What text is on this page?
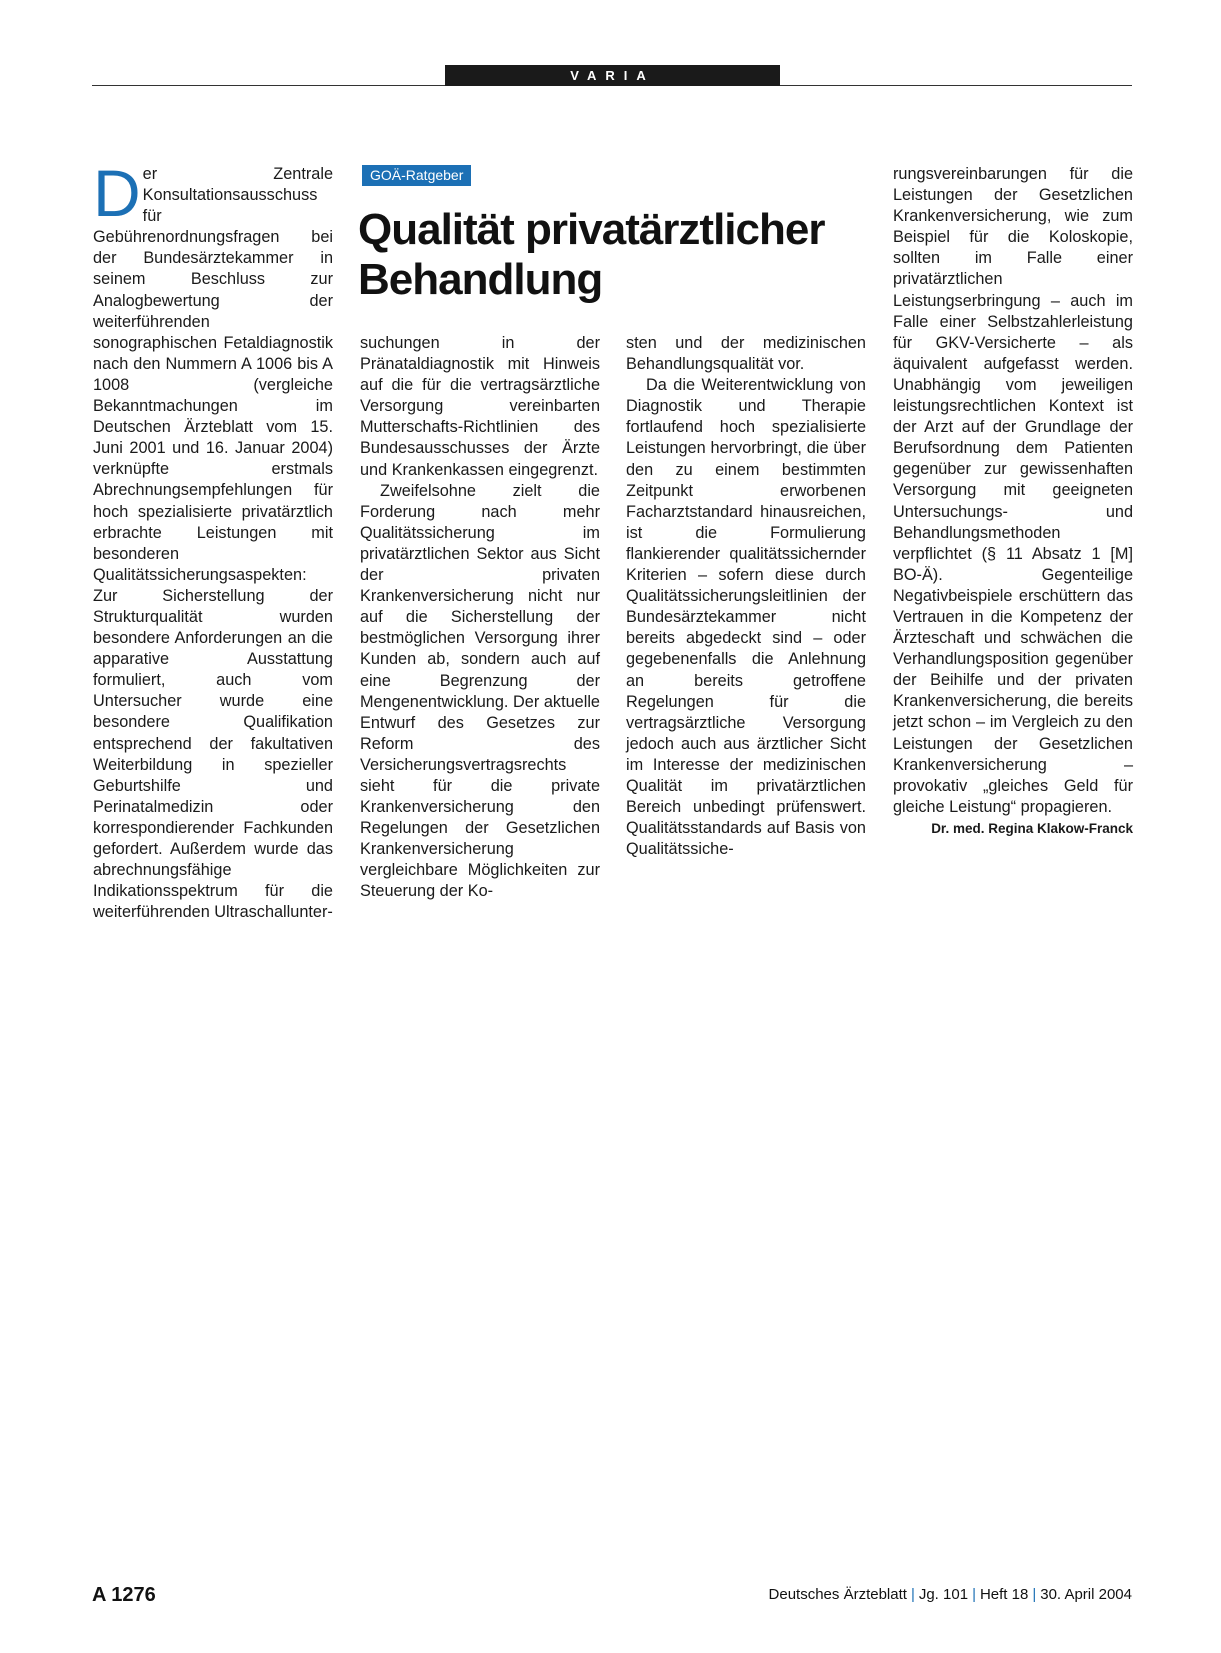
VARIA

Der Zentrale Konsultationsausschuss für Gebührenordnungsfragen bei der Bundesärztekammer in seinem Beschluss zur Analogbewertung der weiterführenden sonographischen Fetaldiagnostik nach den Nummern A 1006 bis A 1008 (vergleiche Bekanntmachungen im Deutschen Ärzteblatt vom 15. Juni 2001 und 16. Januar 2004) verknüpfte erstmals Abrechnungsempfehlungen für hoch spezialisierte privatärztlich erbrachte Leistungen mit besonderen Qualitätssicherungsaspekten: Zur Sicherstellung der Strukturqualität wurden besondere Anforderungen an die apparative Ausstattung formuliert, auch vom Untersucher wurde eine besondere Qualifikation entsprechend der fakultativen Weiterbildung in spezieller Geburtshilfe und Perinatalmedizin oder korrespondierender Fachkunden gefordert. Außerdem wurde das abrechnungsfähige Indikationsspektrum für die weiterführenden Ultraschallunter-

GOÄ-Ratgeber
Qualität privatärztlicher
Behandlung

suchungen in der Pränataldiagnostik mit Hinweis auf die für die vertragsärztliche Versorgung vereinbarten Mutterschafts-Richtlinien des Bundesausschusses der Ärzte und Krankenkassen eingegrenzt.

Zweifelsohne zielt die Forderung nach mehr Qualitätssicherung im privatärztlichen Sektor aus Sicht der privaten Krankenversicherung nicht nur auf die Sicherstellung der bestmöglichen Versorgung ihrer Kunden ab, sondern auch auf eine Begrenzung der Mengenentwicklung. Der aktuelle Entwurf des Gesetzes zur Reform des Versicherungsvertragsrechts sieht für die private Krankenversicherung den Regelungen der Gesetzlichen Krankenversicherung vergleichbare Möglichkeiten zur Steuerung der Ko-

sten und der medizinischen Behandlungsqualität vor.

Da die Weiterentwicklung von Diagnostik und Therapie fortlaufend hoch spezialisierte Leistungen hervorbringt, die über den zu einem bestimmten Zeitpunkt erworbenen Facharztstandard hinausreichen, ist die Formulierung flankierender qualitätssichernder Kriterien – sofern diese durch Qualitätssicherungsleitlinien der Bundesärztekammer nicht bereits abgedeckt sind – oder gegebenenfalls die Anlehnung an bereits getroffene Regelungen für die vertragsärztliche Versorgung jedoch auch aus ärztlicher Sicht im Interesse der medizinischen Qualität im privatärztlichen Bereich unbedingt prüfenswert. Qualitätsstandards auf Basis von Qualitätssiche-

rungsvereinbarungen für die Leistungen der Gesetzlichen Krankenversicherung, wie zum Beispiel für die Koloskopie, sollten im Falle einer privatärztlichen Leistungserbringung – auch im Falle einer Selbstzahlerleistung für GKV-Versicherte – als äquivalent aufgefasst werden. Unabhängig vom jeweiligen leistungsrechtlichen Kontext ist der Arzt auf der Grundlage der Berufsordnung dem Patienten gegenüber zur gewissenhaften Versorgung mit geeigneten Untersuchungs- und Behandlungsmethoden verpflichtet (§ 11 Absatz 1 [M] BO-Ä). Gegenteilige Negativbeispiele erschüttern das Vertrauen in die Kompetenz der Ärzteschaft und schwächen die Verhandlungsposition gegenüber der Beihilfe und der privaten Krankenversicherung, die bereits jetzt schon – im Vergleich zu den Leistungen der Gesetzlichen Krankenversicherung – provokativ „gleiches Geld für gleiche Leistung“ propagieren.

Dr. med. Regina Klakow-Franck

A 1276	Deutsches Ärzteblatt | Jg. 101 | Heft 18 | 30. April 2004
